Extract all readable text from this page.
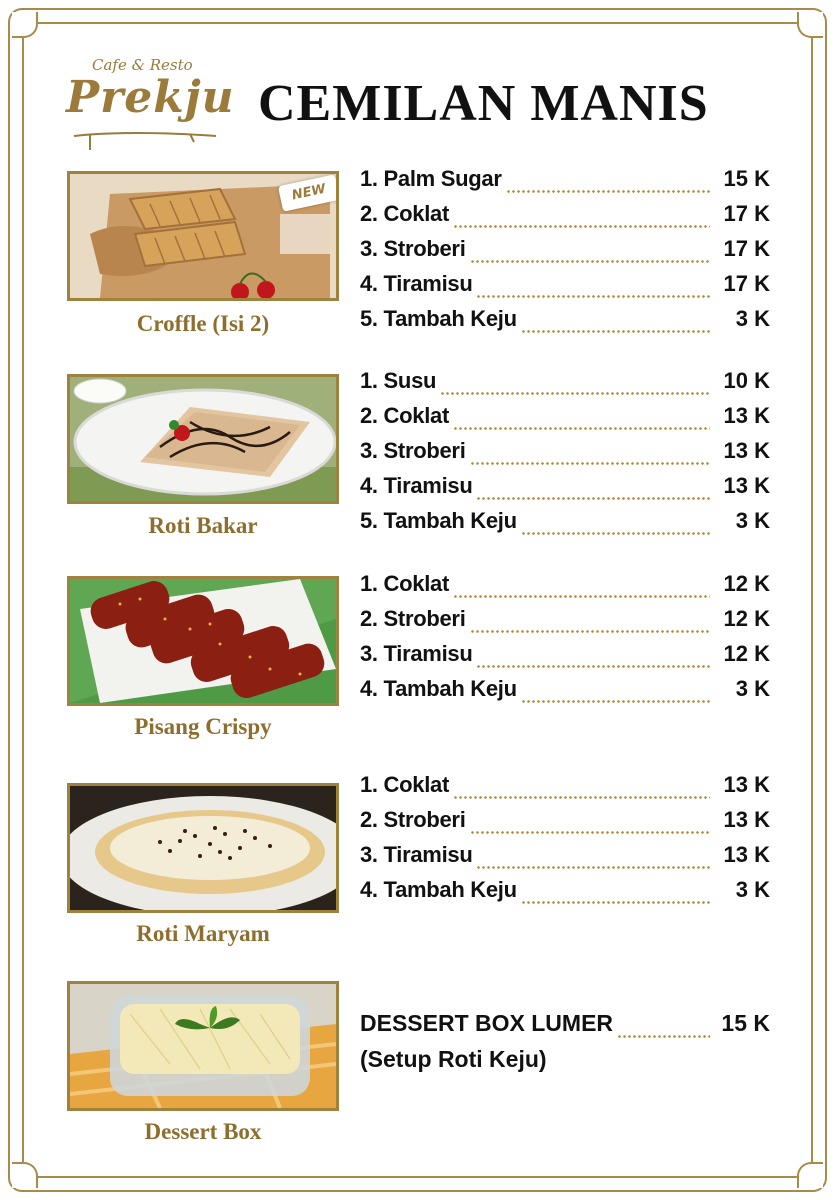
Cafe & Resto
Prekju CEMILAN MANIS
NEW
Croffle (Isi 2)
1. Palm Sugar	15 K
2. Coklat	17 K
3. Stroberi	17 K
4. Tiramisu	17 K
5. Tambah Keju	3 K
Roti Bakar
1. Susu	10 K
2. Coklat	13 K
3. Stroberi	13 K
4. Tiramisu	13 K
5. Tambah Keju	3 K
Pisang Crispy
1. Coklat	12 K
2. Stroberi	12 K
3. Tiramisu	12 K
4. Tambah Keju	3 K
Roti Maryam
1. Coklat	13 K
2. Stroberi	13 K
3. Tiramisu	13 K
4. Tambah Keju	3 K
Dessert Box
DESSERT BOX LUMER	15 K
(Setup Roti Keju)
